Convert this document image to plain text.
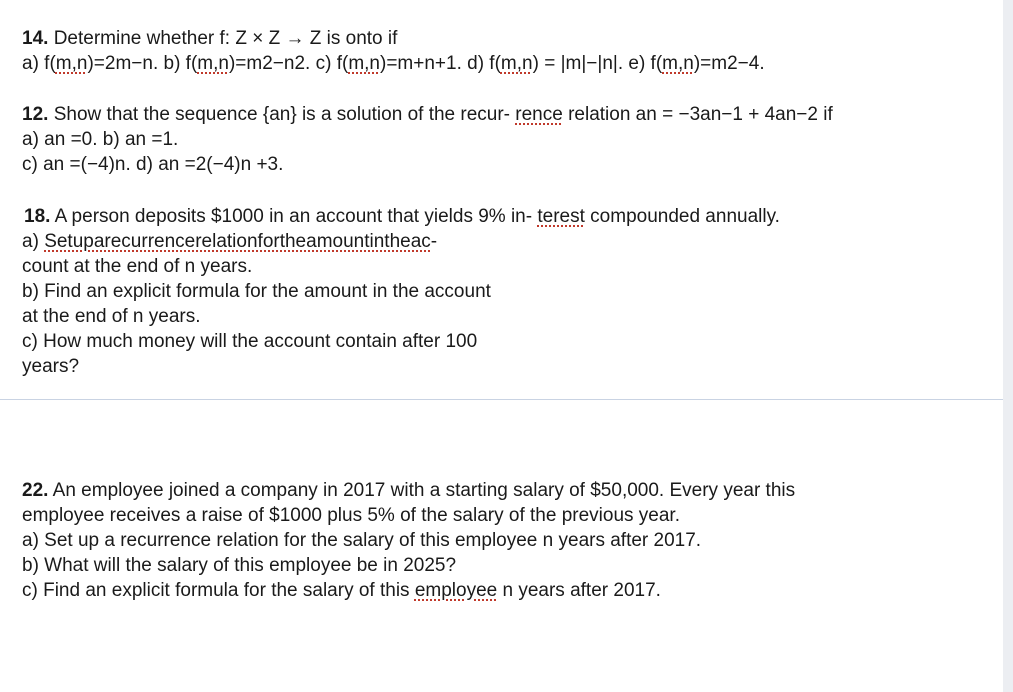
14. Determine whether f: Z × Z → Z is onto if
a) f(m,n)=2m−n. b) f(m,n)=m2−n2. c) f(m,n)=m+n+1. d) f(m,n) = |m|−|n|. e) f(m,n)=m2−4.
12. Show that the sequence {an} is a solution of the recur- rence relation an = −3an−1 + 4an−2 if
a) an =0. b) an =1.
c) an =(−4)n. d) an =2(−4)n +3.
18. A person deposits $1000 in an account that yields 9% in- terest compounded annually.
a) Setuparecurrencerelationfortheamountintheac-
count at the end of n years.
b) Find an explicit formula for the amount in the account
at the end of n years.
c) How much money will the account contain after 100
years?
22. An employee joined a company in 2017 with a starting salary of $50,000. Every year this
employee receives a raise of $1000 plus 5% of the salary of the previous year.
a) Set up a recurrence relation for the salary of this employee n years after 2017.
b) What will the salary of this employee be in 2025?
c) Find an explicit formula for the salary of this employee n years after 2017.
